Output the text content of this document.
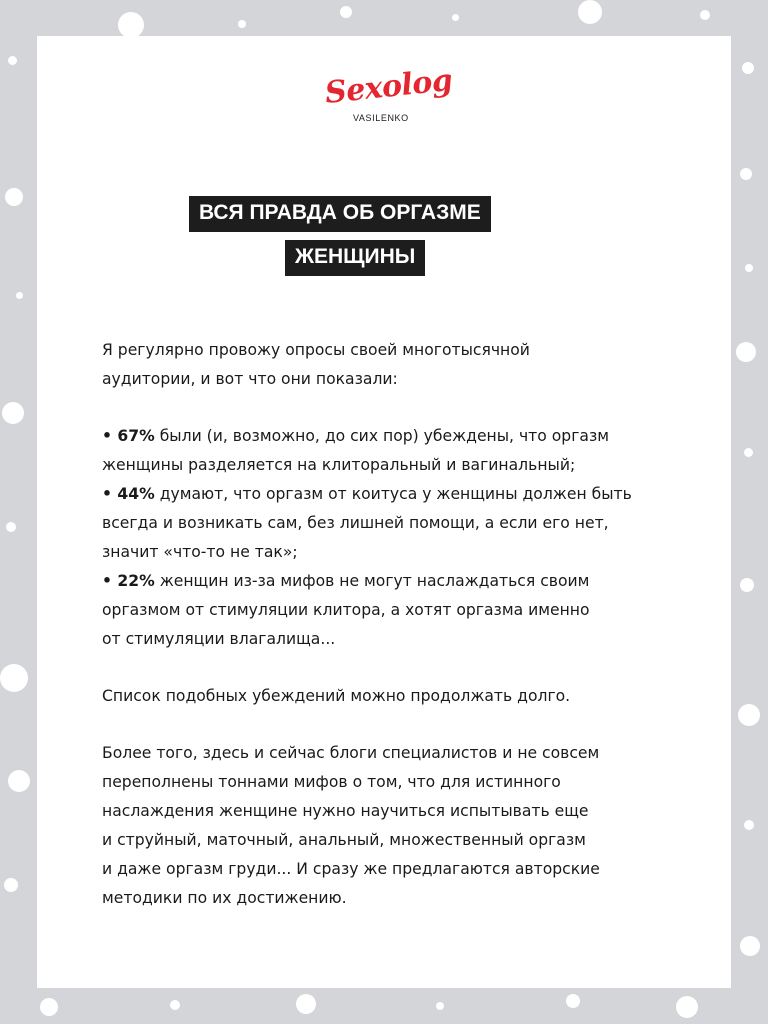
Sexolog
VASILENKO
ВСЯ ПРАВДА ОБ ОРГАЗМЕ
ЖЕНЩИНЫ
Я регулярно провожу опросы своей многотысячной
аудитории, и вот что они показали:
• 67% были (и, возможно, до сих пор) убеждены, что оргазм
женщины разделяется на клиторальный и вагинальный;
• 44% думают, что оргазм от коитуса у женщины должен быть
всегда и возникать сам, без лишней помощи, а если его нет,
значит «что-то не так»;
• 22% женщин из-за мифов не могут наслаждаться своим
оргазмом от стимуляции клитора, а хотят оргазма именно
от стимуляции влагалища...
Список подобных убеждений можно продолжать долго.
Более того, здесь и сейчас блоги специалистов и не совсем
переполнены тоннами мифов о том, что для истинного
наслаждения женщине нужно научиться испытывать еще
и струйный, маточный, анальный, множественный оргазм
и даже оргазм груди... И сразу же предлагаются авторские
методики по их достижению.
